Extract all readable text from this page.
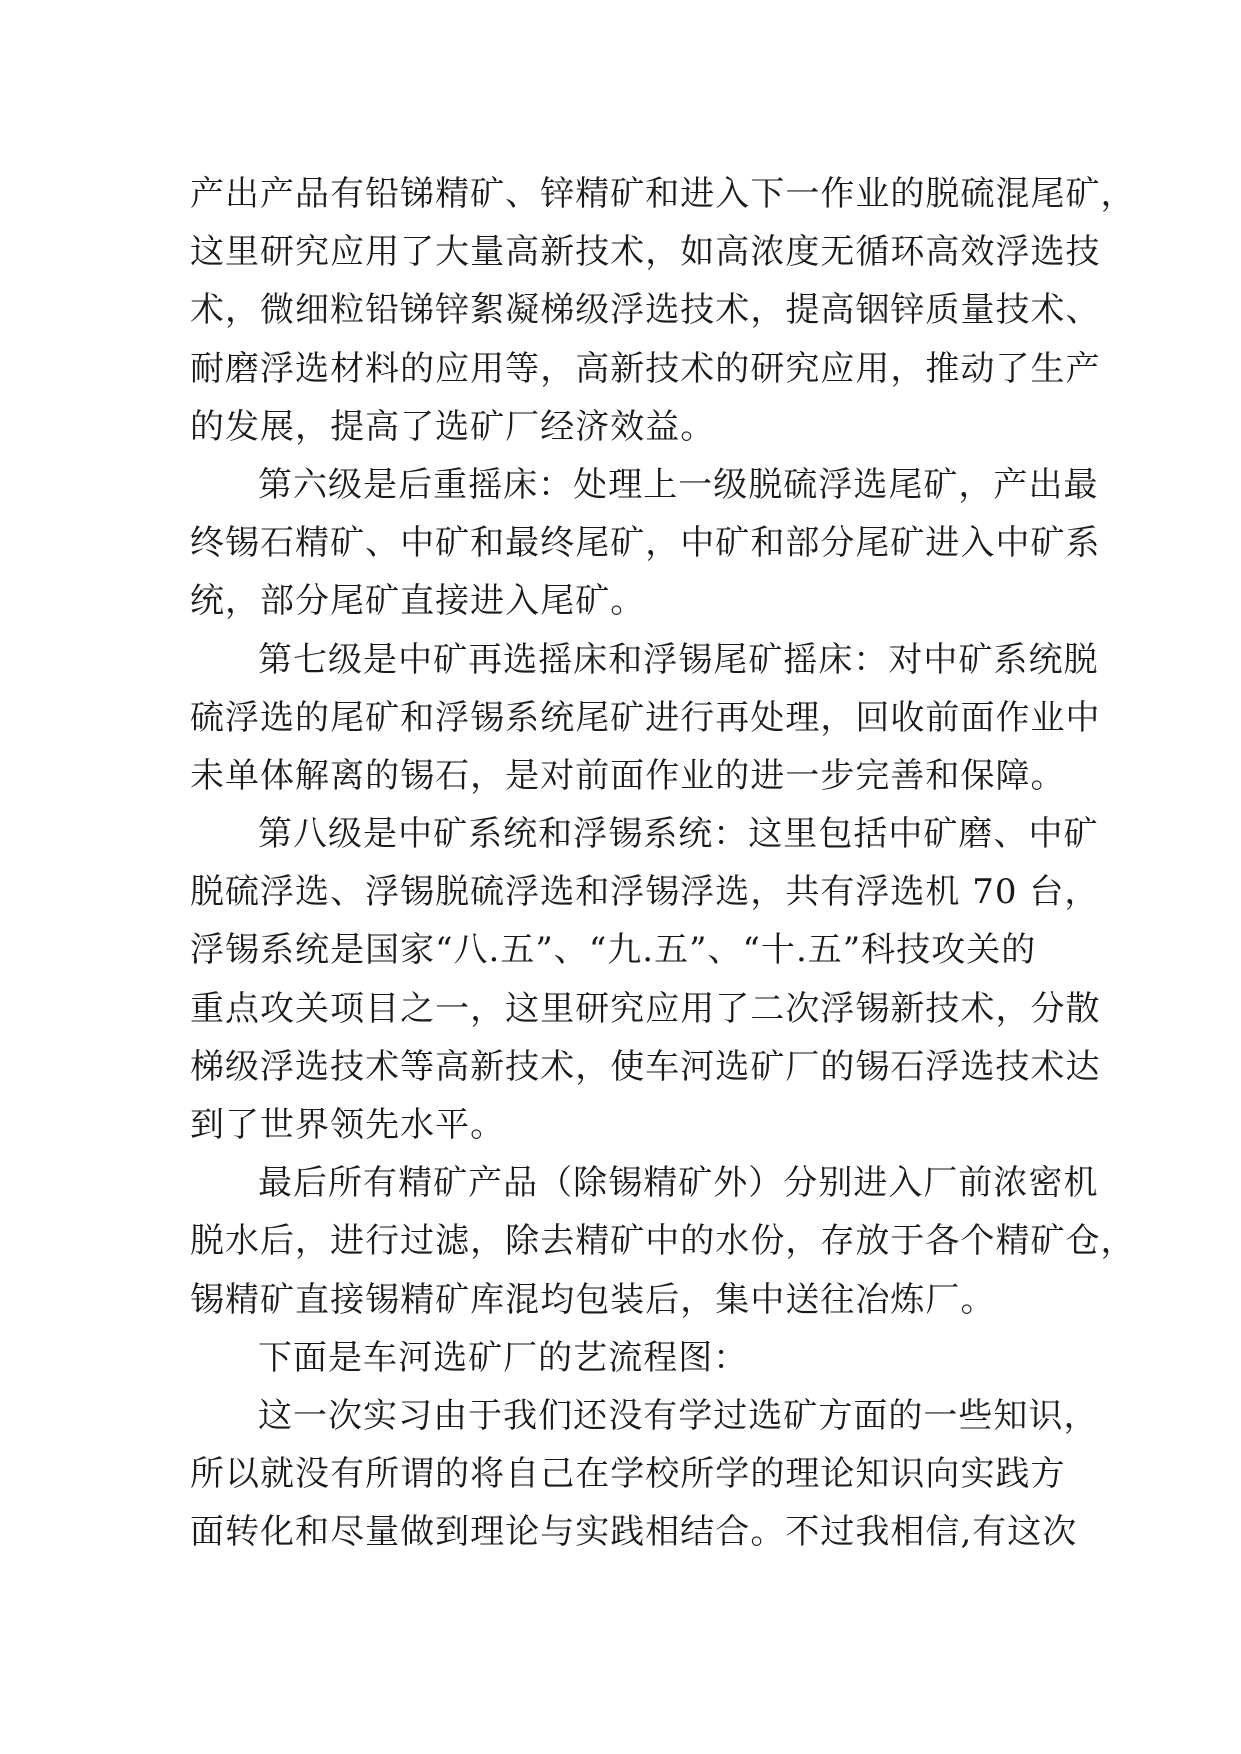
产出产品有铅锑精矿、锌精矿和进入下一作业的脱硫混尾矿，
这里研究应用了大量高新技术，如高浓度无循环高效浮选技
术，微细粒铅锑锌絮凝梯级浮选技术，提高铟锌质量技术、
耐磨浮选材料的应用等，高新技术的研究应用，推动了生产
的发展，提高了选矿厂经济效益。
第六级是后重摇床：处理上一级脱硫浮选尾矿，产出最
终锡石精矿、中矿和最终尾矿，中矿和部分尾矿进入中矿系
统，部分尾矿直接进入尾矿。
第七级是中矿再选摇床和浮锡尾矿摇床：对中矿系统脱
硫浮选的尾矿和浮锡系统尾矿进行再处理，回收前面作业中
未单体解离的锡石，是对前面作业的进一步完善和保障。
第八级是中矿系统和浮锡系统：这里包括中矿磨、中矿
脱硫浮选、浮锡脱硫浮选和浮锡浮选，共有浮选机 70 台，
浮锡系统是国家“八.五”、“九.五”、“十.五”科技攻关的
重点攻关项目之一，这里研究应用了二次浮锡新技术，分散
梯级浮选技术等高新技术，使车河选矿厂的锡石浮选技术达
到了世界领先水平。
最后所有精矿产品（除锡精矿外）分别进入厂前浓密机
脱水后，进行过滤，除去精矿中的水份，存放于各个精矿仓，
锡精矿直接锡精矿库混均包装后，集中送往冶炼厂。
下面是车河选矿厂的艺流程图：
这一次实习由于我们还没有学过选矿方面的一些知识，
所以就没有所谓的将自己在学校所学的理论知识向实践方
面转化和尽量做到理论与实践相结合。不过我相信,有这次
